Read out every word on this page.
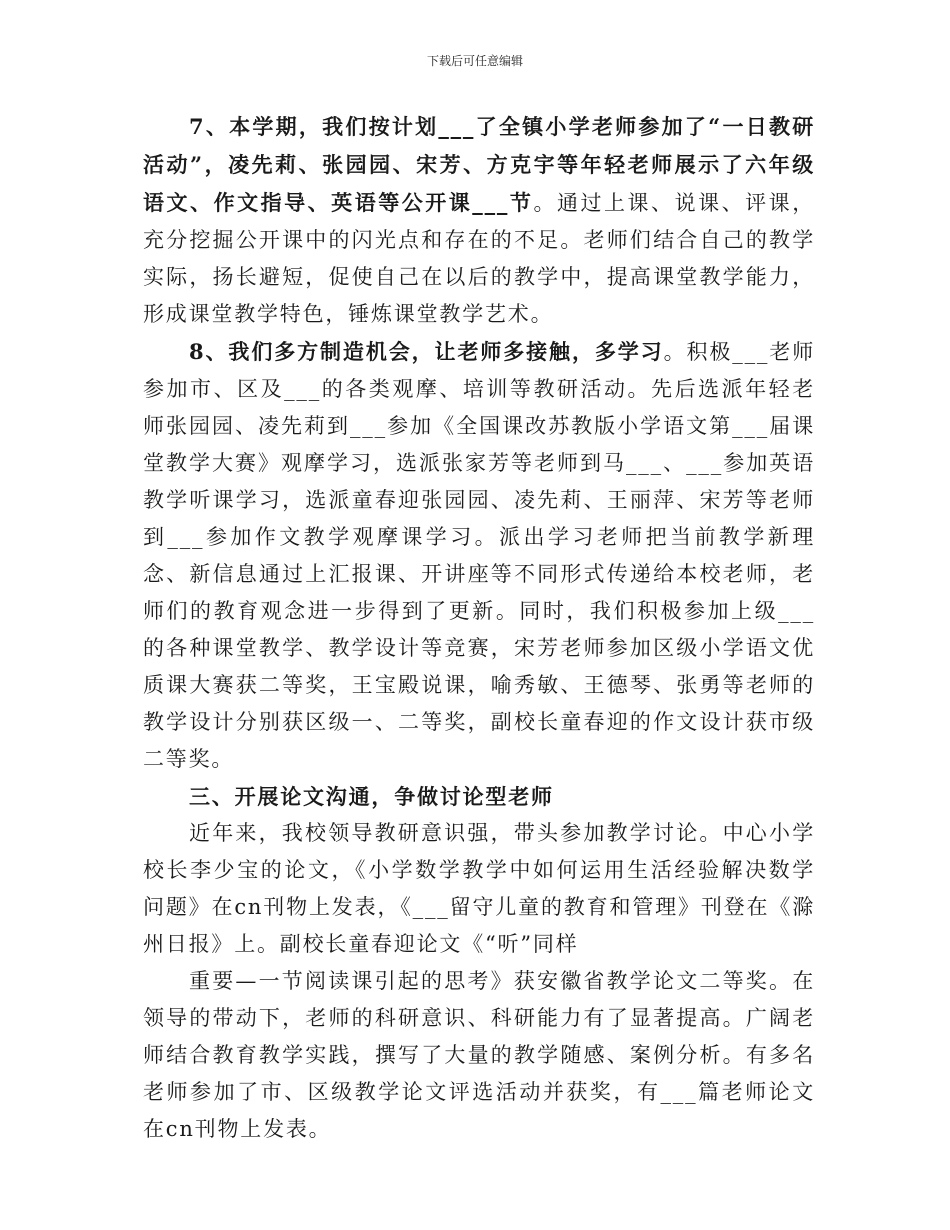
下载后可任意编辑

7、本学期，我们按计划___了全镇小学老师参加了“一日教研活动”，凌先莉、张园园、宋芳、方克宇等年轻老师展示了六年级语文、作文指导、英语等公开课___节。通过上课、说课、评课，充分挖掘公开课中的闪光点和存在的不足。老师们结合自己的教学实际，扬长避短，促使自己在以后的教学中，提高课堂教学能力，形成课堂教学特色，锤炼课堂教学艺术。

8、我们多方制造机会，让老师多接触，多学习。积极___老师参加市、区及___的各类观摩、培训等教研活动。先后选派年轻老师张园园、凌先莉到___参加《全国课改苏教版小学语文第___届课堂教学大赛》观摩学习，选派张家芳等老师到马___、___参加英语教学听课学习，选派童春迎张园园、凌先莉、王丽萍、宋芳等老师到___参加作文教学观摩课学习。派出学习老师把当前教学新理念、新信息通过上汇报课、开讲座等不同形式传递给本校老师，老师们的教育观念进一步得到了更新。同时，我们积极参加上级___的各种课堂教学、教学设计等竞赛，宋芳老师参加区级小学语文优质课大赛获二等奖，王宝殿说课，喻秀敏、王德琴、张勇等老师的教学设计分别获区级一、二等奖，副校长童春迎的作文设计获市级二等奖。

三、开展论文沟通，争做讨论型老师

近年来，我校领导教研意识强，带头参加教学讨论。中心小学校长李少宝的论文，《小学数学教学中如何运用生活经验解决数学问题》在cn刊物上发表，《___留守儿童的教育和管理》刊登在《滁州日报》上。副校长童春迎论文《“听”同样

重要—一节阅读课引起的思考》获安徽省教学论文二等奖。在领导的带动下，老师的科研意识、科研能力有了显著提高。广阔老师结合教育教学实践，撰写了大量的教学随感、案例分析。有多名老师参加了市、区级教学论文评选活动并获奖，有___篇老师论文在cn刊物上发表。
